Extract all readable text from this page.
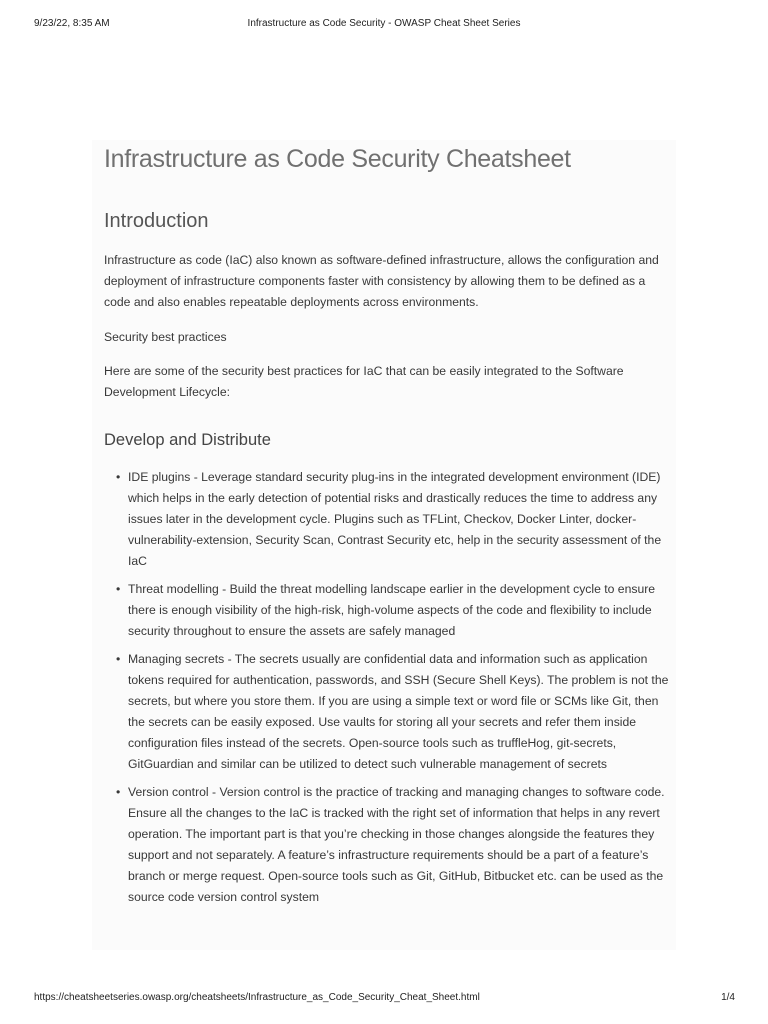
9/23/22, 8:35 AM	Infrastructure as Code Security - OWASP Cheat Sheet Series
Infrastructure as Code Security Cheatsheet
Introduction

Infrastructure as code (IaC) also known as software-defined infrastructure, allows the configuration and deployment of infrastructure components faster with consistency by allowing them to be defined as a code and also enables repeatable deployments across environments.

Security best practices

Here are some of the security best practices for IaC that can be easily integrated to the Software Development Lifecycle:

Develop and Distribute
• IDE plugins - Leverage standard security plug-ins in the integrated development environment (IDE) which helps in the early detection of potential risks and drastically reduces the time to address any issues later in the development cycle. Plugins such as TFLint, Checkov, Docker Linter, docker-vulnerability-extension, Security Scan, Contrast Security etc, help in the security assessment of the IaC
• Threat modelling - Build the threat modelling landscape earlier in the development cycle to ensure there is enough visibility of the high-risk, high-volume aspects of the code and flexibility to include security throughout to ensure the assets are safely managed
• Managing secrets - The secrets usually are confidential data and information such as application tokens required for authentication, passwords, and SSH (Secure Shell Keys). The problem is not the secrets, but where you store them. If you are using a simple text or word file or SCMs like Git, then the secrets can be easily exposed. Use vaults for storing all your secrets and refer them inside configuration files instead of the secrets. Open-source tools such as truffleHog, git-secrets, GitGuardian and similar can be utilized to detect such vulnerable management of secrets
• Version control - Version control is the practice of tracking and managing changes to software code. Ensure all the changes to the IaC is tracked with the right set of information that helps in any revert operation. The important part is that you’re checking in those changes alongside the features they support and not separately. A feature’s infrastructure requirements should be a part of a feature’s branch or merge request. Open-source tools such as Git, GitHub, Bitbucket etc. can be used as the source code version control system
https://cheatsheetseries.owasp.org/cheatsheets/Infrastructure_as_Code_Security_Cheat_Sheet.html	1/4
